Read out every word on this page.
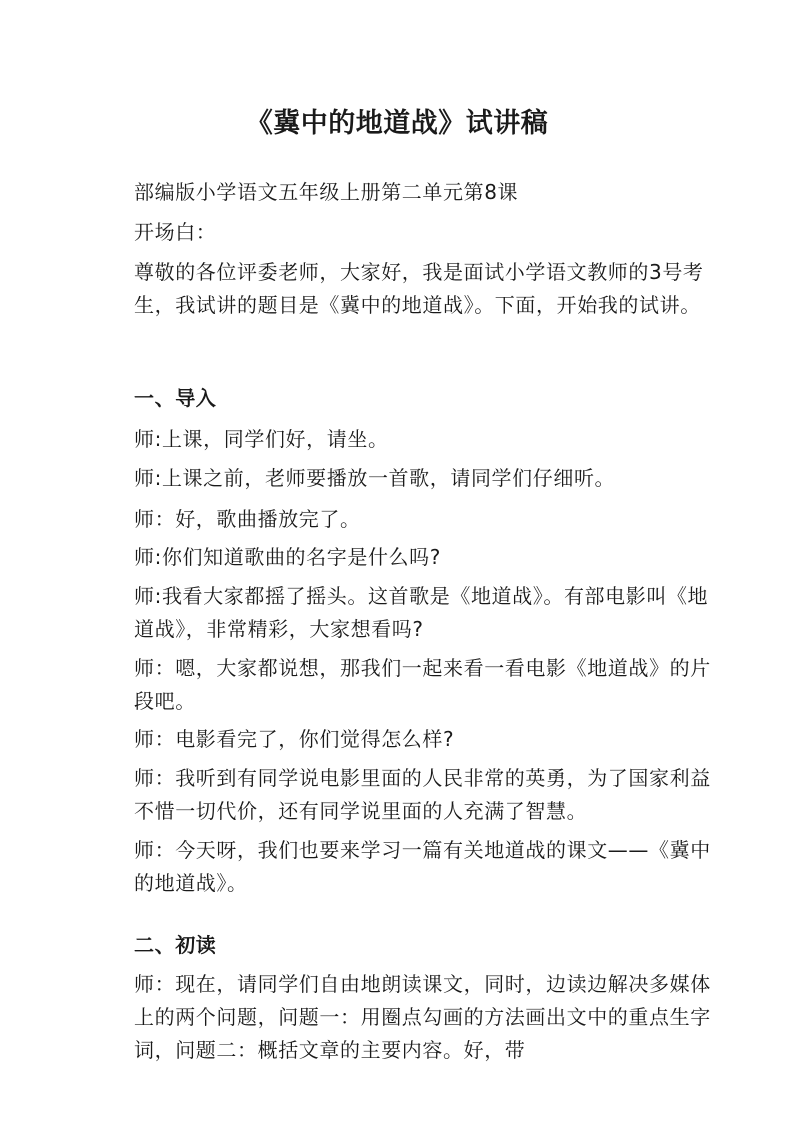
《冀中的地道战》试讲稿

部编版小学语文五年级上册第二单元第8课

开场白：

尊敬的各位评委老师，大家好，我是面试小学语文教师的3号考生，我试讲的题目是《冀中的地道战》。下面，开始我的试讲。

一、导入

师:上课，同学们好，请坐。

师:上课之前，老师要播放一首歌，请同学们仔细听。

师：好，歌曲播放完了。

师:你们知道歌曲的名字是什么吗?

师:我看大家都摇了摇头。这首歌是《地道战》。有部电影叫《地道战》，非常精彩，大家想看吗?

师：嗯，大家都说想，那我们一起来看一看电影《地道战》的片段吧。

师：电影看完了，你们觉得怎么样?

师：我听到有同学说电影里面的人民非常的英勇，为了国家利益不惜一切代价，还有同学说里面的人充满了智慧。

师：今天呀，我们也要来学习一篇有关地道战的课文——《冀中的地道战》。

二、初读

师：现在，请同学们自由地朗读课文，同时，边读边解决多媒体上的两个问题，问题一：用圈点勾画的方法画出文中的重点生字词，问题二：概括文章的主要内容。好，带
